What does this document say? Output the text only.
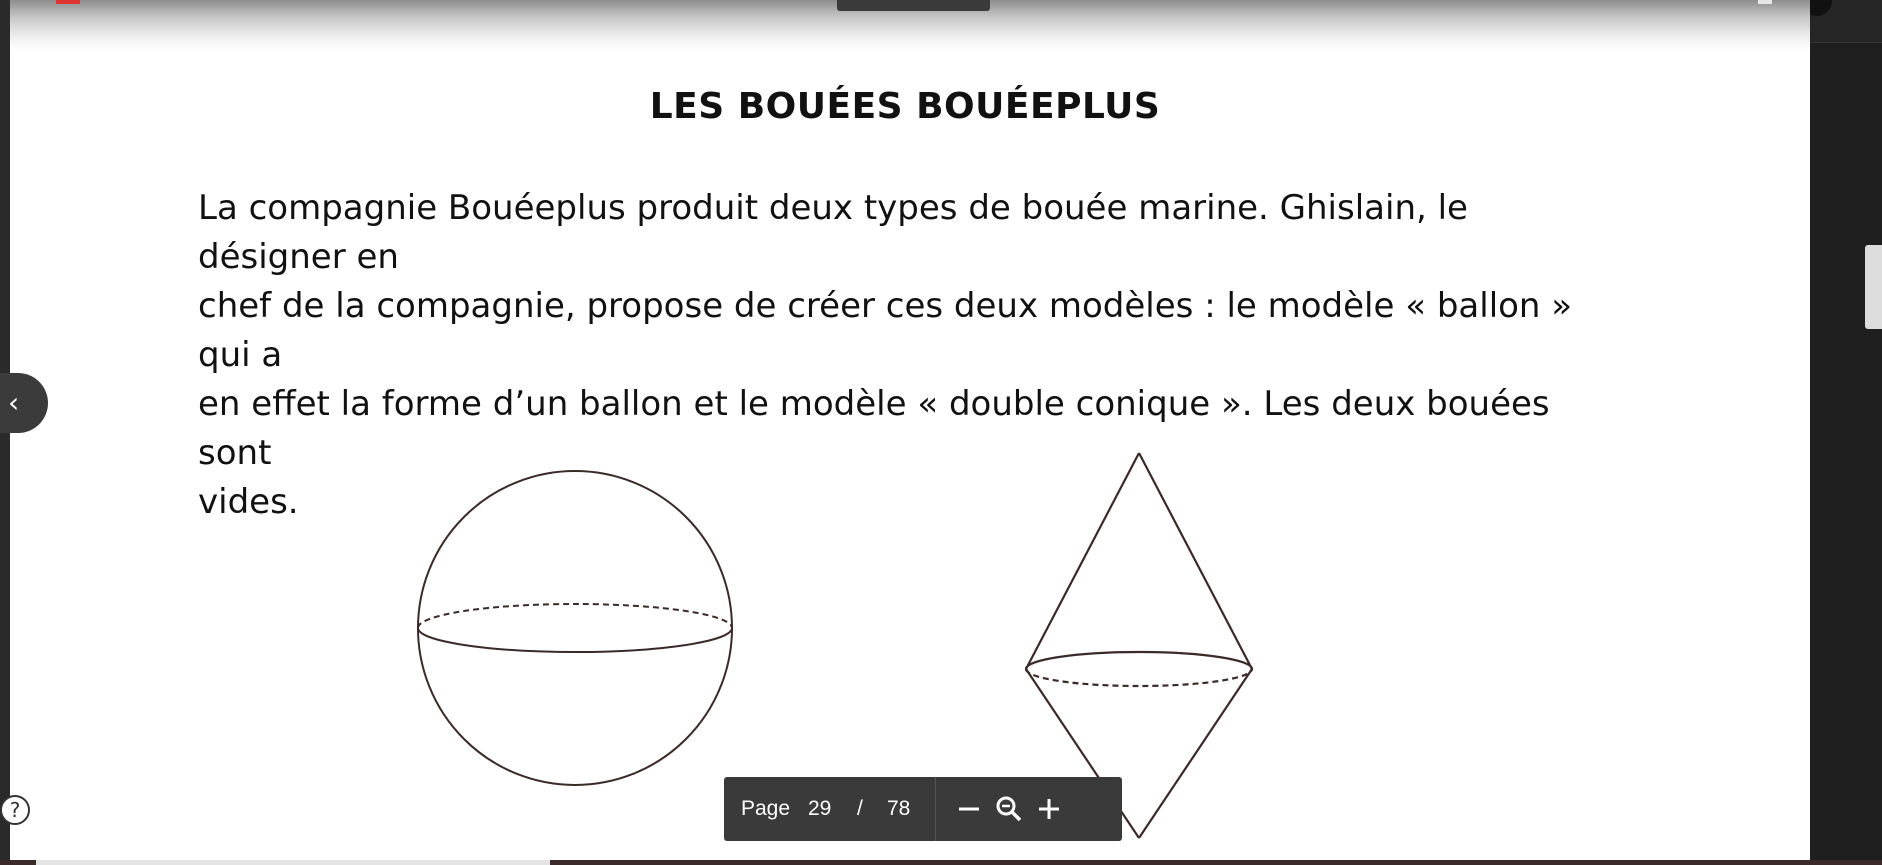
LES BOUÉES BOUÉEPLUS

La compagnie Bouéeplus produit deux types de bouée marine. Ghislain, le désigner en
chef de la compagnie, propose de créer ces deux modèles : le modèle « ballon » qui a
en effet la forme d’un ballon et le modèle « double conique ». Les deux bouées sont
vides.

‹
?	Page 29 / 78
